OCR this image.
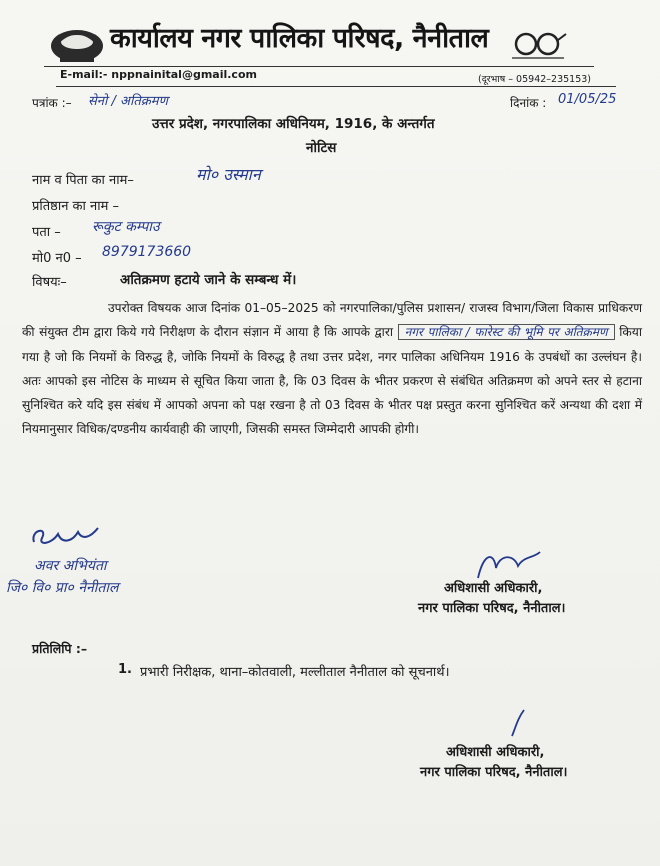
कार्यालय नगर पालिका परिषद, नैनीताल
E-mail:- nppnainital@gmail.com	(दूरभाष – 05942–235153)
पत्रांक :– सेनो / अतिक्रमण	दिनांक : 01/05/25
उत्तर प्रदेश, नगरपालिका अधिनियम, 1916, के अन्तर्गत
नोटिस
नाम व पिता का नाम–	मो० उस्मान
प्रतिष्ठान का नाम –
पता – रूकुट कम्पाउ
मो0 न0 – 8979173660
विषयः–	अतिक्रमण हटाये जाने के सम्बन्ध में।
उपरोक्त विषयक आज दिनांक 01–05–2025 को नगरपालिका/पुलिस प्रशासन/ राजस्व विभाग/जिला विकास प्राधिकरण की संयुक्त टीम द्वारा किये गये निरीक्षण के दौरान संज्ञान में आया है कि आपके द्वारा नगर पालिका / फारेस्ट की भूमि पर अतिक्रमण किया गया है जो कि नियमों के विरुद्ध है, जोकि नियमों के विरुद्ध है तथा उत्तर प्रदेश, नगर पालिका अधिनियम 1916 के उपबंधों का उल्लंघन है। अतः आपको इस नोटिस के माध्यम से सूचित किया जाता है, कि 03 दिवस के भीतर प्रकरण से संबंधित अतिक्रमण को अपने स्तर से हटाना सुनिश्चित करे यदि इस संबंध में आपको अपना को पक्ष रखना है तो 03 दिवस के भीतर पक्ष प्रस्तुत करना सुनिश्चित करें अन्यथा की दशा में नियमानुसार विधिक/दण्डनीय कार्यवाही की जाएगी, जिसकी समस्त जिम्मेदारी आपकी होगी।
अवर अभियंता
जि० वि० प्रा० नैनीताल	अधिशासी अधिकारी,
नगर पालिका परिषद, नैनीताल।
प्रतिलिपि :–
1. प्रभारी निरीक्षक, थाना–कोतवाली, मल्लीताल नैनीताल को सूचनार्थ।
अधिशासी अधिकारी,
नगर पालिका परिषद, नैनीताल।
